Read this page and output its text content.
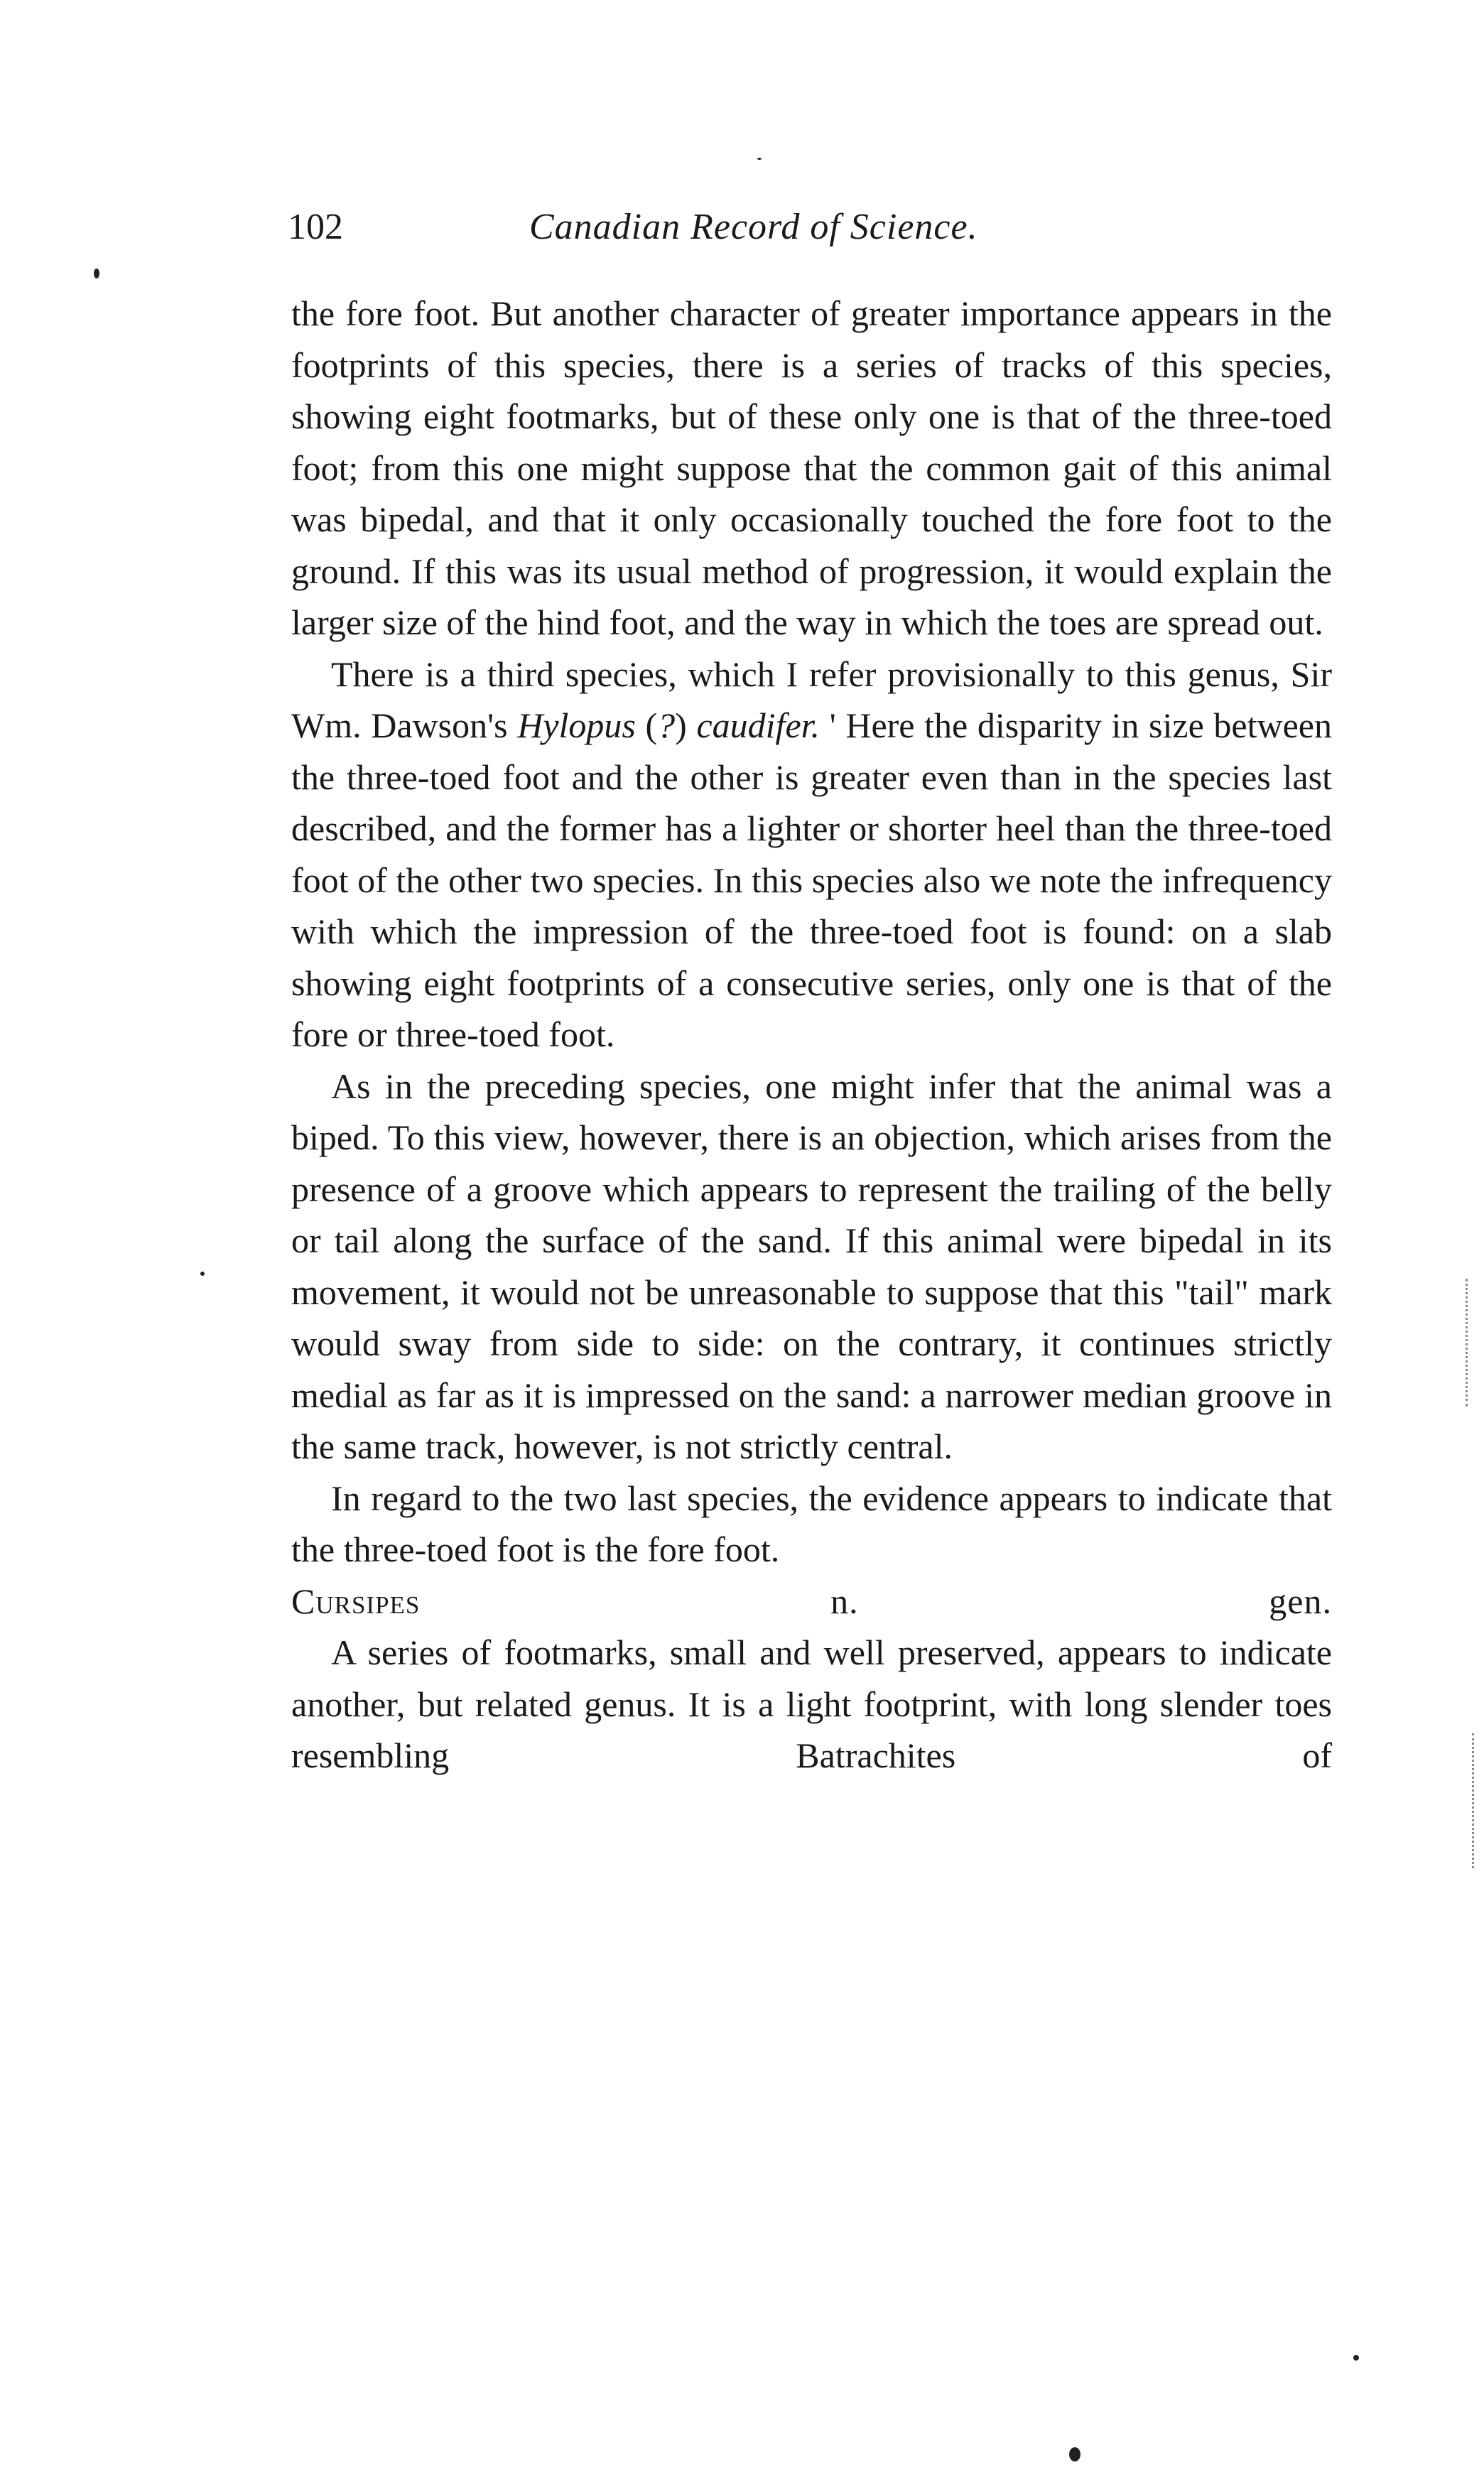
102	Canadian Record of Science.

the fore foot. But another character of greater importance appears in the footprints of this species, there is a series of tracks of this species, showing eight footmarks, but of these only one is that of the three-toed foot; from this one might suppose that the common gait of this animal was bipedal, and that it only occasionally touched the fore foot to the ground. If this was its usual method of progression, it would explain the larger size of the hind foot, and the way in which the toes are spread out.

There is a third species, which I refer provisionally to this genus, Sir Wm. Dawson's Hylopus (?) caudifer. ' Here the disparity in size between the three-toed foot and the other is greater even than in the species last described, and the former has a lighter or shorter heel than the three-toed foot of the other two species. In this species also we note the infrequency with which the impression of the three-toed foot is found: on a slab showing eight footprints of a consecutive series, only one is that of the fore or three-toed foot.

As in the preceding species, one might infer that the animal was a biped. To this view, however, there is an objection, which arises from the presence of a groove which appears to represent the trailing of the belly or tail along the surface of the sand. If this animal were bipedal in its movement, it would not be unreasonable to suppose that this "tail" mark would sway from side to side: on the contrary, it continues strictly medial as far as it is impressed on the sand: a narrower median groove in the same track, however, is not strictly central.

In regard to the two last species, the evidence appears to indicate that the three-toed foot is the fore foot.

Cursipes	n. gen.

A series of footmarks, small and well preserved, appears to indicate another, but related genus. It is a light footprint, with long slender toes resembling Batrachites of
